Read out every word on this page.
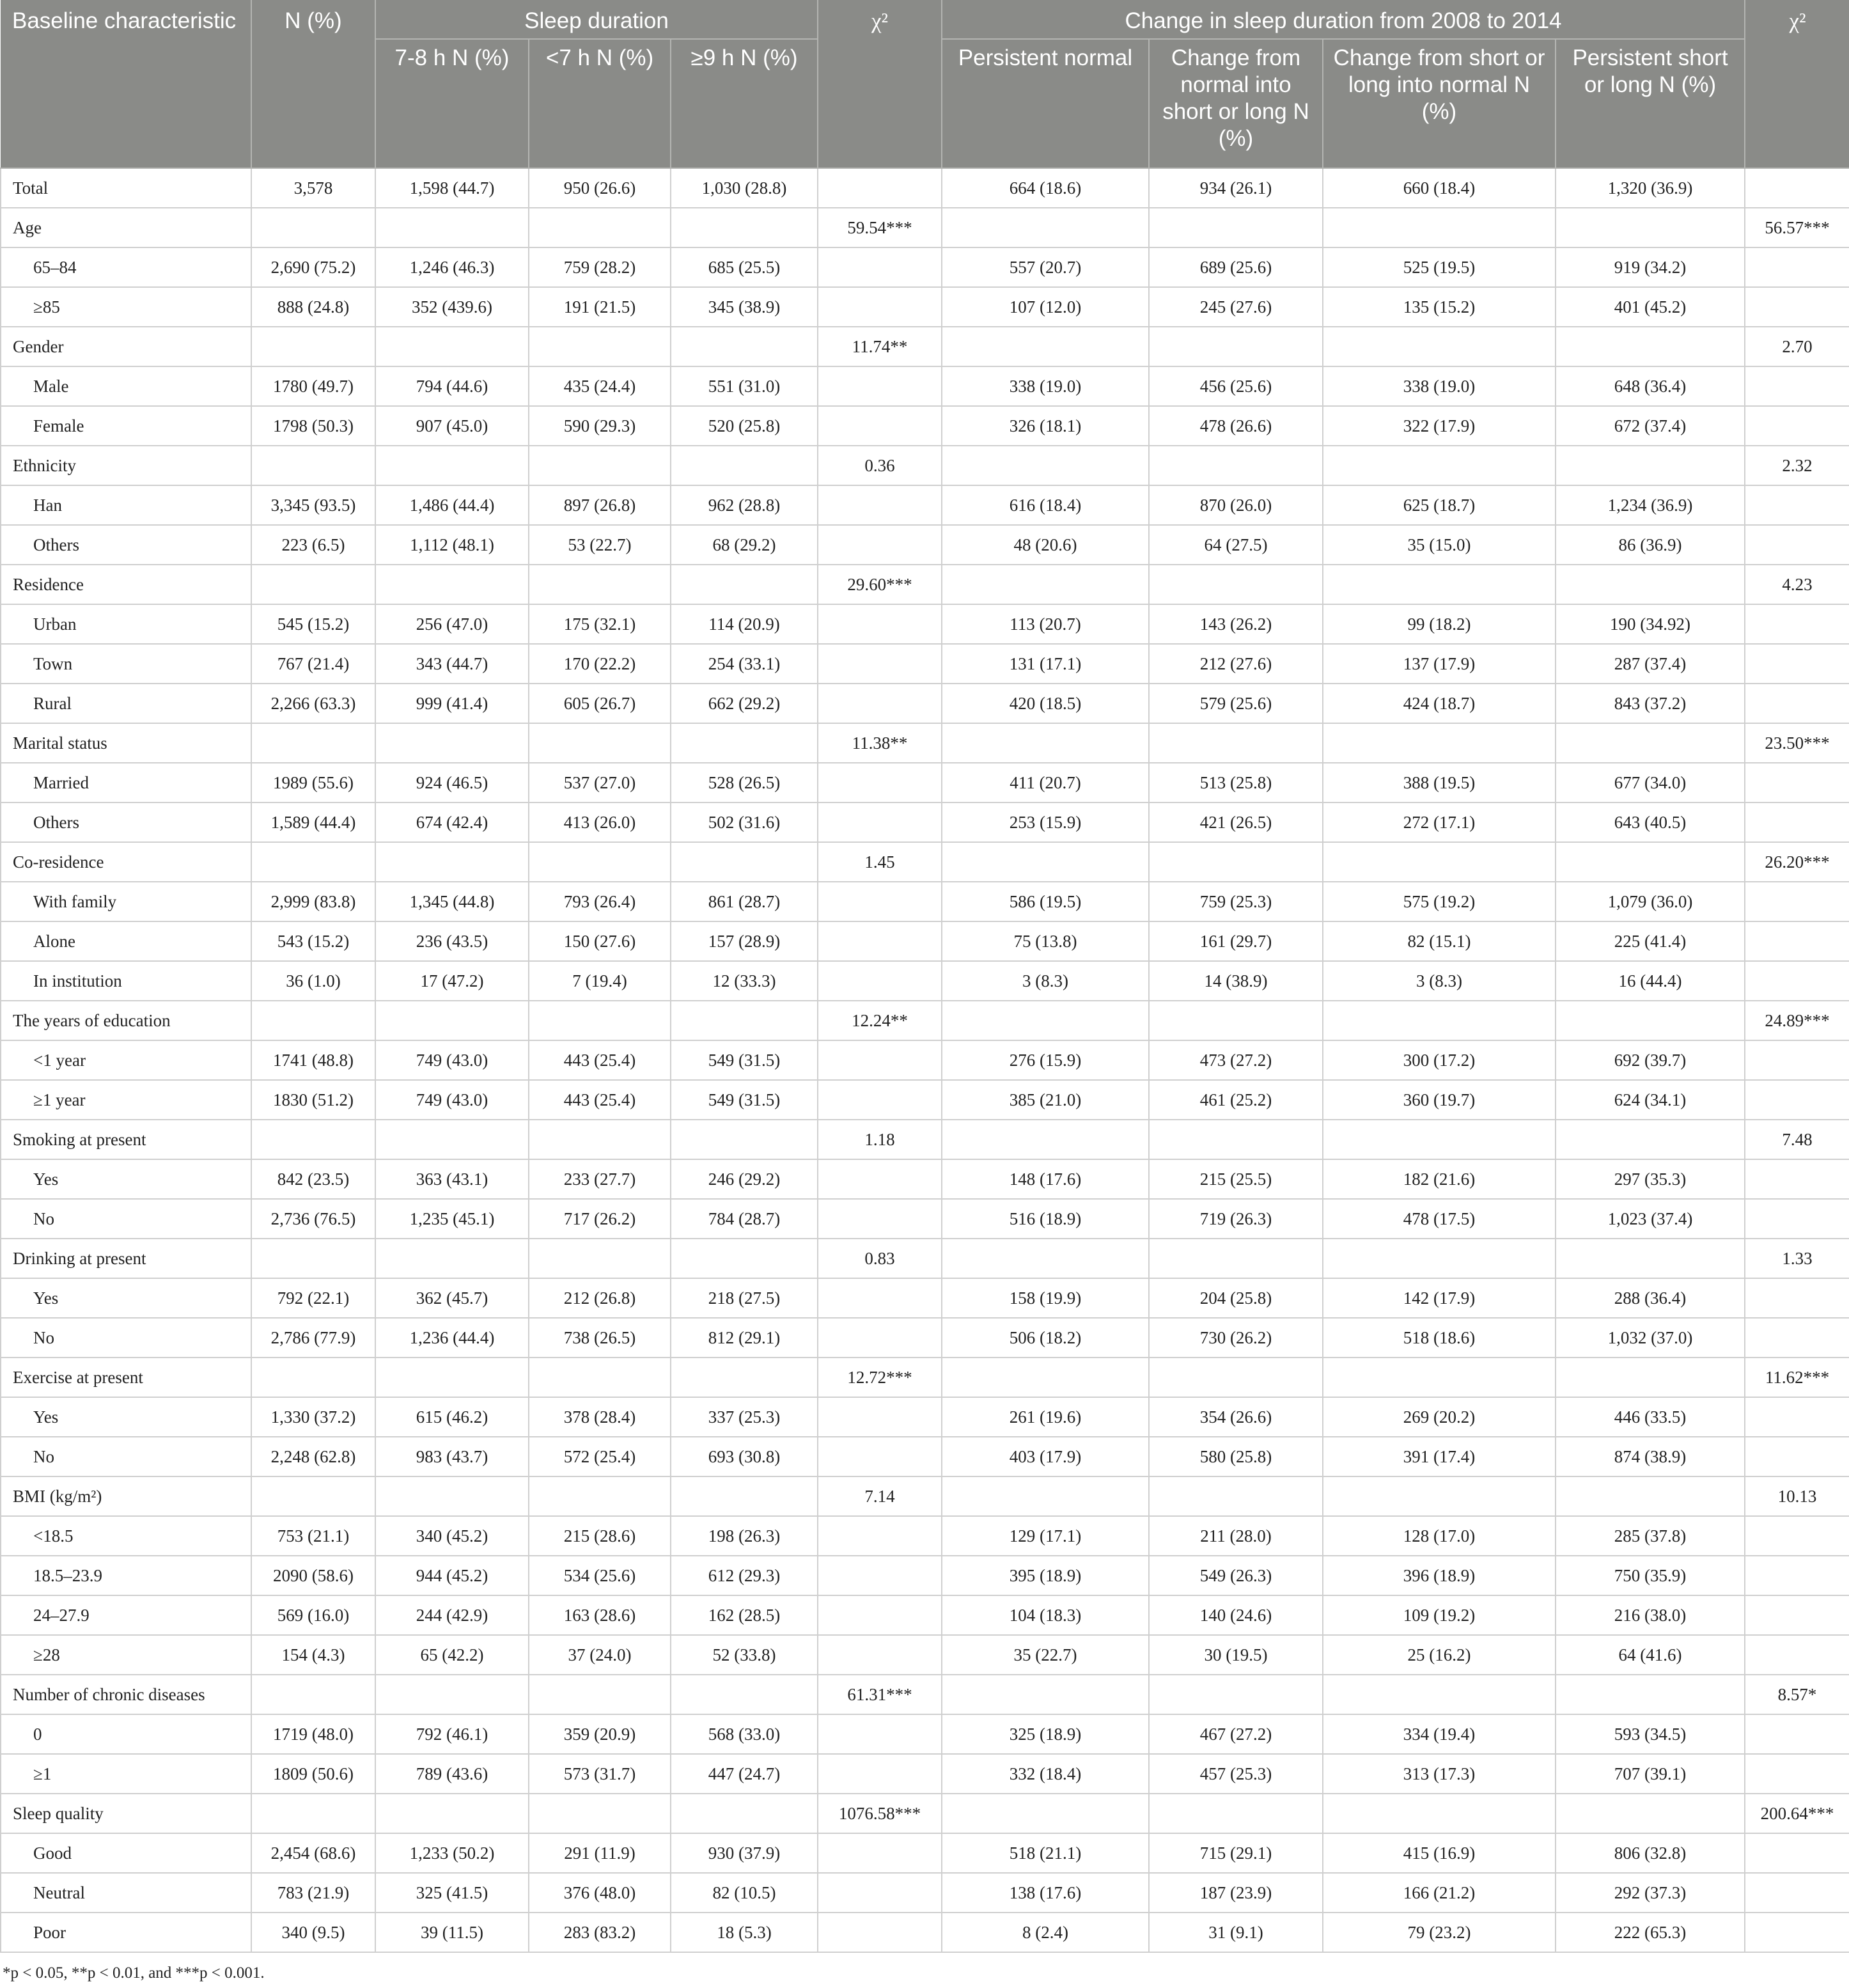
Baseline characteristic	N (%)	Sleep duration			χ²	Change in sleep duration from 2008 to 2014				χ²
		7-8 h N (%)	<7 h N (%)	≥9 h N (%)		Persistent normal	Change from normal into short or long N (%)	Change from short or long into normal N (%)	Persistent short or long N (%)	
Total	3,578	1,598 (44.7)	950 (26.6)	1,030 (28.8)		664 (18.6)	934 (26.1)	660 (18.4)	1,320 (36.9)	
Age					59.54***					56.57***
65–84	2,690 (75.2)	1,246 (46.3)	759 (28.2)	685 (25.5)		557 (20.7)	689 (25.6)	525 (19.5)	919 (34.2)	
≥85	888 (24.8)	352 (439.6)	191 (21.5)	345 (38.9)		107 (12.0)	245 (27.6)	135 (15.2)	401 (45.2)	
Gender					11.74**					2.70
Male	1780 (49.7)	794 (44.6)	435 (24.4)	551 (31.0)		338 (19.0)	456 (25.6)	338 (19.0)	648 (36.4)	
Female	1798 (50.3)	907 (45.0)	590 (29.3)	520 (25.8)		326 (18.1)	478 (26.6)	322 (17.9)	672 (37.4)	
Ethnicity					0.36					2.32
Han	3,345 (93.5)	1,486 (44.4)	897 (26.8)	962 (28.8)		616 (18.4)	870 (26.0)	625 (18.7)	1,234 (36.9)	
Others	223 (6.5)	1,112 (48.1)	53 (22.7)	68 (29.2)		48 (20.6)	64 (27.5)	35 (15.0)	86 (36.9)	
Residence					29.60***					4.23
Urban	545 (15.2)	256 (47.0)	175 (32.1)	114 (20.9)		113 (20.7)	143 (26.2)	99 (18.2)	190 (34.92)	
Town	767 (21.4)	343 (44.7)	170 (22.2)	254 (33.1)		131 (17.1)	212 (27.6)	137 (17.9)	287 (37.4)	
Rural	2,266 (63.3)	999 (41.4)	605 (26.7)	662 (29.2)		420 (18.5)	579 (25.6)	424 (18.7)	843 (37.2)	
Marital status					11.38**					23.50***
Married	1989 (55.6)	924 (46.5)	537 (27.0)	528 (26.5)		411 (20.7)	513 (25.8)	388 (19.5)	677 (34.0)	
Others	1,589 (44.4)	674 (42.4)	413 (26.0)	502 (31.6)		253 (15.9)	421 (26.5)	272 (17.1)	643 (40.5)	
Co-residence					1.45					26.20***
With family	2,999 (83.8)	1,345 (44.8)	793 (26.4)	861 (28.7)		586 (19.5)	759 (25.3)	575 (19.2)	1,079 (36.0)	
Alone	543 (15.2)	236 (43.5)	150 (27.6)	157 (28.9)		75 (13.8)	161 (29.7)	82 (15.1)	225 (41.4)	
In institution	36 (1.0)	17 (47.2)	7 (19.4)	12 (33.3)		3 (8.3)	14 (38.9)	3 (8.3)	16 (44.4)	
The years of education					12.24**					24.89***
<1 year	1741 (48.8)	749 (43.0)	443 (25.4)	549 (31.5)		276 (15.9)	473 (27.2)	300 (17.2)	692 (39.7)	
≥1 year	1830 (51.2)	749 (43.0)	443 (25.4)	549 (31.5)		385 (21.0)	461 (25.2)	360 (19.7)	624 (34.1)	
Smoking at present					1.18					7.48
Yes	842 (23.5)	363 (43.1)	233 (27.7)	246 (29.2)		148 (17.6)	215 (25.5)	182 (21.6)	297 (35.3)	
No	2,736 (76.5)	1,235 (45.1)	717 (26.2)	784 (28.7)		516 (18.9)	719 (26.3)	478 (17.5)	1,023 (37.4)	
Drinking at present					0.83					1.33
Yes	792 (22.1)	362 (45.7)	212 (26.8)	218 (27.5)		158 (19.9)	204 (25.8)	142 (17.9)	288 (36.4)	
No	2,786 (77.9)	1,236 (44.4)	738 (26.5)	812 (29.1)		506 (18.2)	730 (26.2)	518 (18.6)	1,032 (37.0)	
Exercise at present					12.72***					11.62***
Yes	1,330 (37.2)	615 (46.2)	378 (28.4)	337 (25.3)		261 (19.6)	354 (26.6)	269 (20.2)	446 (33.5)	
No	2,248 (62.8)	983 (43.7)	572 (25.4)	693 (30.8)		403 (17.9)	580 (25.8)	391 (17.4)	874 (38.9)	
BMI (kg/m²)					7.14					10.13
<18.5	753 (21.1)	340 (45.2)	215 (28.6)	198 (26.3)		129 (17.1)	211 (28.0)	128 (17.0)	285 (37.8)	
18.5–23.9	2090 (58.6)	944 (45.2)	534 (25.6)	612 (29.3)		395 (18.9)	549 (26.3)	396 (18.9)	750 (35.9)	
24–27.9	569 (16.0)	244 (42.9)	163 (28.6)	162 (28.5)		104 (18.3)	140 (24.6)	109 (19.2)	216 (38.0)	
≥28	154 (4.3)	65 (42.2)	37 (24.0)	52 (33.8)		35 (22.7)	30 (19.5)	25 (16.2)	64 (41.6)	
Number of chronic diseases					61.31***					8.57*
0	1719 (48.0)	792 (46.1)	359 (20.9)	568 (33.0)		325 (18.9)	467 (27.2)	334 (19.4)	593 (34.5)	
≥1	1809 (50.6)	789 (43.6)	573 (31.7)	447 (24.7)		332 (18.4)	457 (25.3)	313 (17.3)	707 (39.1)	
Sleep quality					1076.58***					200.64***
Good	2,454 (68.6)	1,233 (50.2)	291 (11.9)	930 (37.9)		518 (21.1)	715 (29.1)	415 (16.9)	806 (32.8)	
Neutral	783 (21.9)	325 (41.5)	376 (48.0)	82 (10.5)		138 (17.6)	187 (23.9)	166 (21.2)	292 (37.3)	
Poor	340 (9.5)	39 (11.5)	283 (83.2)	18 (5.3)		8 (2.4)	31 (9.1)	79 (23.2)	222 (65.3)	
*p < 0.05, **p < 0.01, and ***p < 0.001.
